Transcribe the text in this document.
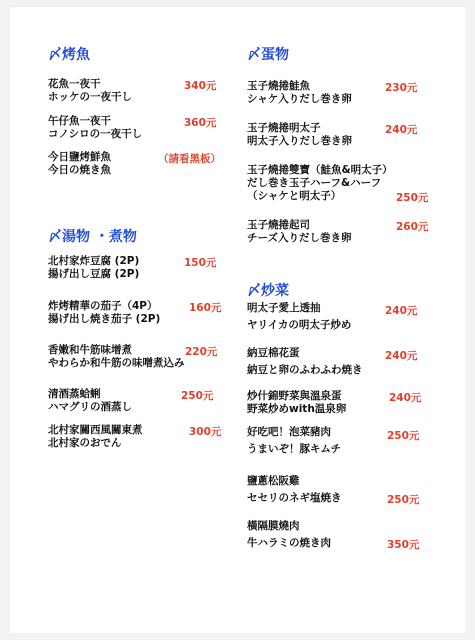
〆烤魚
花魚一夜干
ホッケの一夜干し
340元
午仔魚一夜干
コノシロの一夜干し
360元
今日鹽烤鮮魚
今日の焼き魚
（請看黑板）
〆湯物 ・煮物
北村家炸豆腐 (2P)
揚げ出し豆腐 (2P)
150元
炸烤精華の茄子（4P）
揚げ出し焼き茄子 (2P)
160元
香嫩和牛筋味增煮
やわらか和牛筋の味噌煮込み
220元
清酒蒸蛤蜊
ハマグリの酒蒸し
250元
北村家關西風關東煮
北村家のおでん
300元
〆蛋物
玉子燒捲鮭魚
シャケ入りだし巻き卵
230元
玉子燒捲明太子
明太子入りだし巻き卵
240元
玉子燒捲雙寶（鮭魚&明太子）
だし巻き玉子ハーフ&ハーフ
（シャケと明太子）	250元
玉子燒捲起司
チーズ入りだし巻き卵
260元
〆炒菜
明太子愛上透抽
ヤリイカの明太子炒め
240元
納豆棉花蛋
納豆と卵のふわふわ焼き
240元
炒什錦野菜與溫泉蛋
野菜炒めwith温泉卵
240元
好吃吧！泡菜豬肉
うまいぞ！豚キムチ
250元
鹽蔥松阪雞
セセリのネギ塩焼き	250元
橫隔膜燒肉
牛ハラミの焼き肉	350元
